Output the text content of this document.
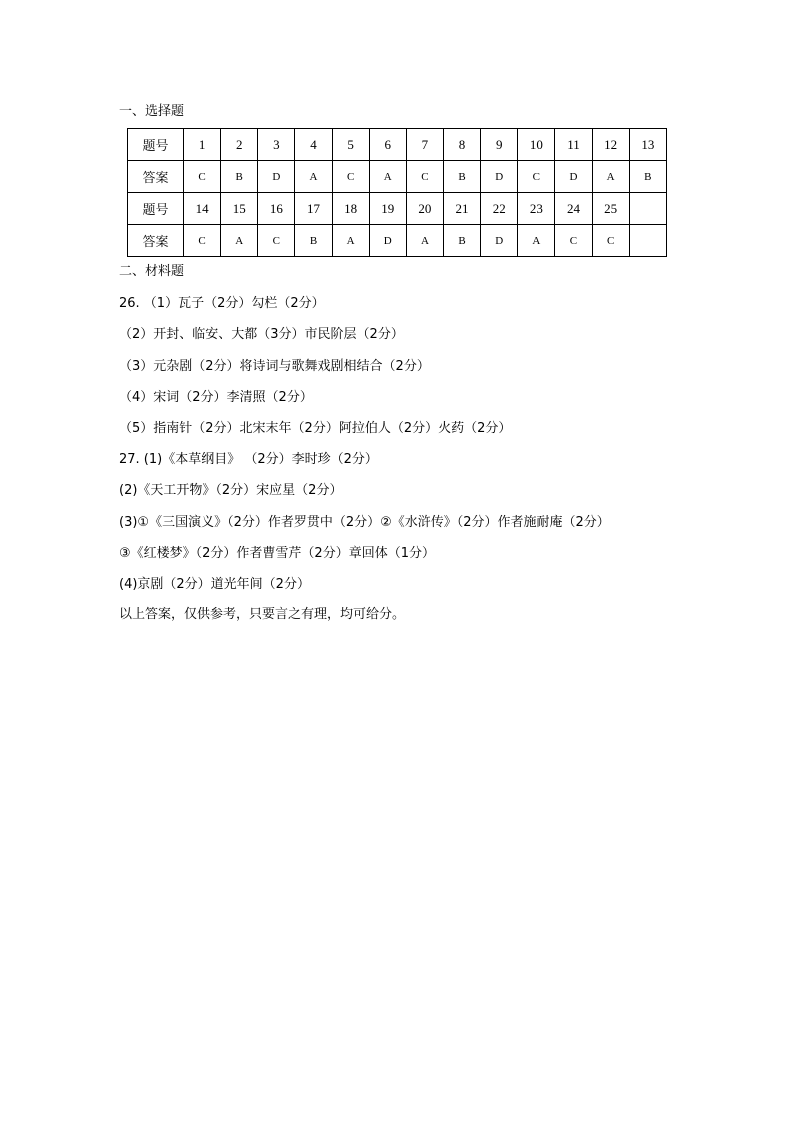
一、选择题
题号	1	2	3	4	5	6	7	8	9	10	11	12	13
答案	C	B	D	A	C	A	C	B	D	C	D	A	B
题号	14	15	16	17	18	19	20	21	22	23	24	25	
答案	C	A	C	B	A	D	A	B	D	A	C	C	
二、材料题
26. （1）瓦子（2分）勾栏（2分）
（2）开封、临安、大都（3分）市民阶层（2分）
（3）元杂剧（2分）将诗词与歌舞戏剧相结合（2分）
（4）宋词（2分）李清照（2分）
（5）指南针（2分）北宋末年（2分）阿拉伯人（2分）火药（2分）
27. (1)《本草纲目》 （2分）李时珍（2分）
(2)《天工开物》（2分）宋应星（2分）
(3)①《三国演义》（2分）作者罗贯中（2分）②《水浒传》（2分）作者施耐庵（2分）
③《红楼梦》（2分）作者曹雪芹（2分）章回体（1分）
(4)京剧（2分）道光年间（2分）
以上答案，仅供参考，只要言之有理，均可给分。
